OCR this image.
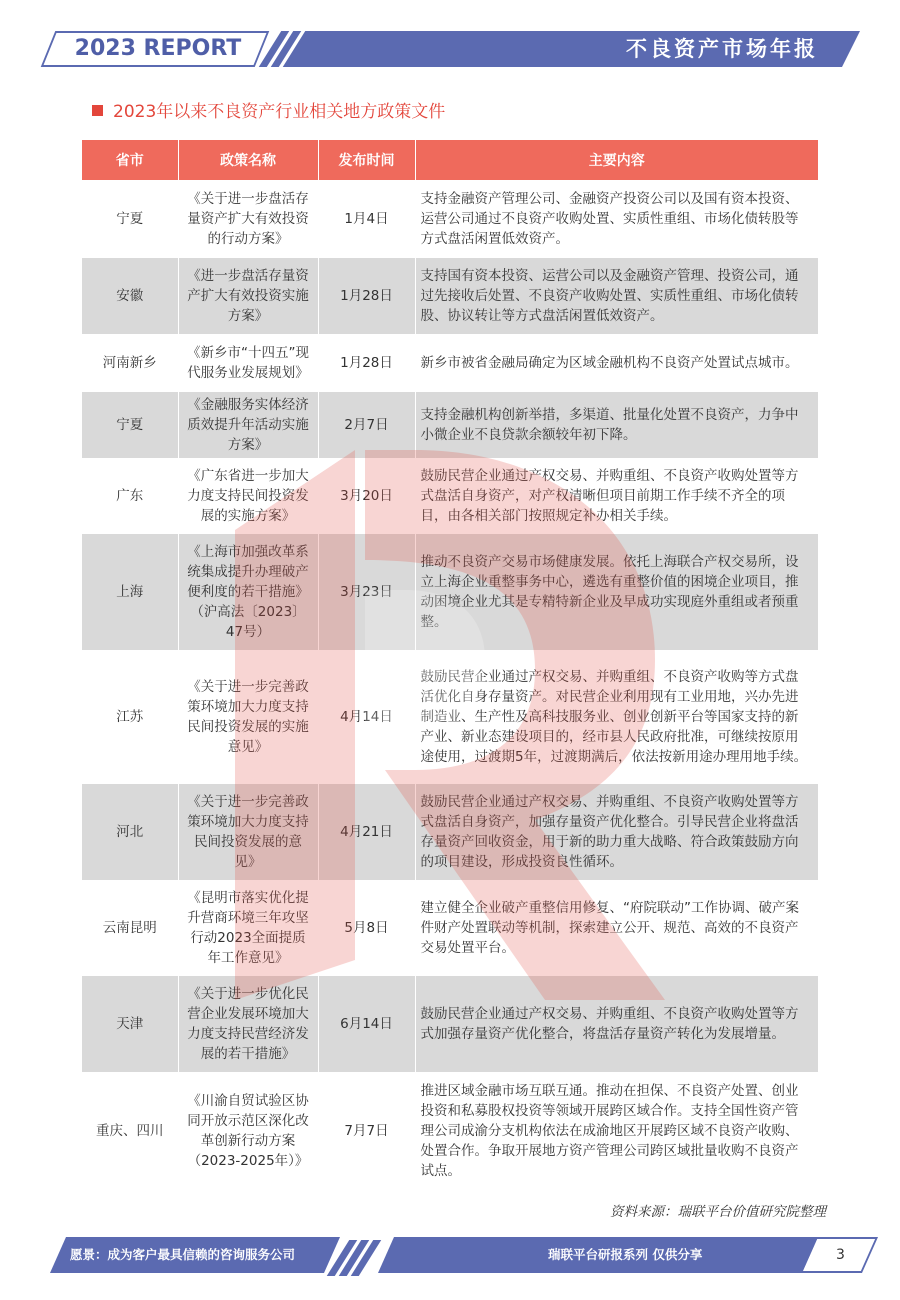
2023 REPORT	不良资产市场年报
2023年以来不良资产行业相关地方政策文件
省市	政策名称	发布时间	主要内容
宁夏	《关于进一步盘活存量资产扩大有效投资的行动方案》	1月4日	支持金融资产管理公司、金融资产投资公司以及国有资本投资、运营公司通过不良资产收购处置、实质性重组、市场化债转股等方式盘活闲置低效资产。
安徽	《进一步盘活存量资产扩大有效投资实施方案》	1月28日	支持国有资本投资、运营公司以及金融资产管理、投资公司，通过先接收后处置、不良资产收购处置、实质性重组、市场化债转股、协议转让等方式盘活闲置低效资产。
河南新乡	《新乡市“十四五”现代服务业发展规划》	1月28日	新乡市被省金融局确定为区域金融机构不良资产处置试点城市。
宁夏	《金融服务实体经济质效提升年活动实施方案》	2月7日	支持金融机构创新举措，多渠道、批量化处置不良资产，力争中小微企业不良贷款余额较年初下降。
广东	《广东省进一步加大力度支持民间投资发展的实施方案》	3月20日	鼓励民营企业通过产权交易、并购重组、不良资产收购处置等方式盘活自身资产，对产权清晰但项目前期工作手续不齐全的项目，由各相关部门按照规定补办相关手续。
上海	《上海市加强改革系统集成提升办理破产便利度的若干措施》（沪高法〔2023〕47号）	3月23日	推动不良资产交易市场健康发展。依托上海联合产权交易所，设立上海企业重整事务中心，遴选有重整价值的困境企业项目，推动困境企业尤其是专精特新企业及早成功实现庭外重组或者预重整。
江苏	《关于进一步完善政策环境加大力度支持民间投资发展的实施意见》	4月14日	鼓励民营企业通过产权交易、并购重组、不良资产收购等方式盘活优化自身存量资产。对民营企业利用现有工业用地，兴办先进制造业、生产性及高科技服务业、创业创新平台等国家支持的新产业、新业态建设项目的，经市县人民政府批准，可继续按原用途使用，过渡期5年，过渡期满后，依法按新用途办理用地手续。
河北	《关于进一步完善政策环境加大力度支持民间投资发展的意见》	4月21日	鼓励民营企业通过产权交易、并购重组、不良资产收购处置等方式盘活自身资产，加强存量资产优化整合。引导民营企业将盘活存量资产回收资金，用于新的助力重大战略、符合政策鼓励方向的项目建设，形成投资良性循环。
云南昆明	《昆明市落实优化提升营商环境三年攻坚行动2023全面提质年工作意见》	5月8日	建立健全企业破产重整信用修复、“府院联动”工作协调、破产案件财产处置联动等机制，探索建立公开、规范、高效的不良资产交易处置平台。
天津	《关于进一步优化民营企业发展环境加大力度支持民营经济发展的若干措施》	6月14日	鼓励民营企业通过产权交易、并购重组、不良资产收购处置等方式加强存量资产优化整合，将盘活存量资产转化为发展增量。
重庆、四川	《川渝自贸试验区协同开放示范区深化改革创新行动方案（2023-2025年）》	7月7日	推进区域金融市场互联互通。推动在担保、不良资产处置、创业投资和私募股权投资等领域开展跨区域合作。支持全国性资产管理公司成渝分支机构依法在成渝地区开展跨区域不良资产收购、处置合作。争取开展地方资产管理公司跨区域批量收购不良资产试点。
资料来源：瑞联平台价值研究院整理
愿景：成为客户最具信赖的咨询服务公司	瑞联平台研报系列 仅供分享	3
